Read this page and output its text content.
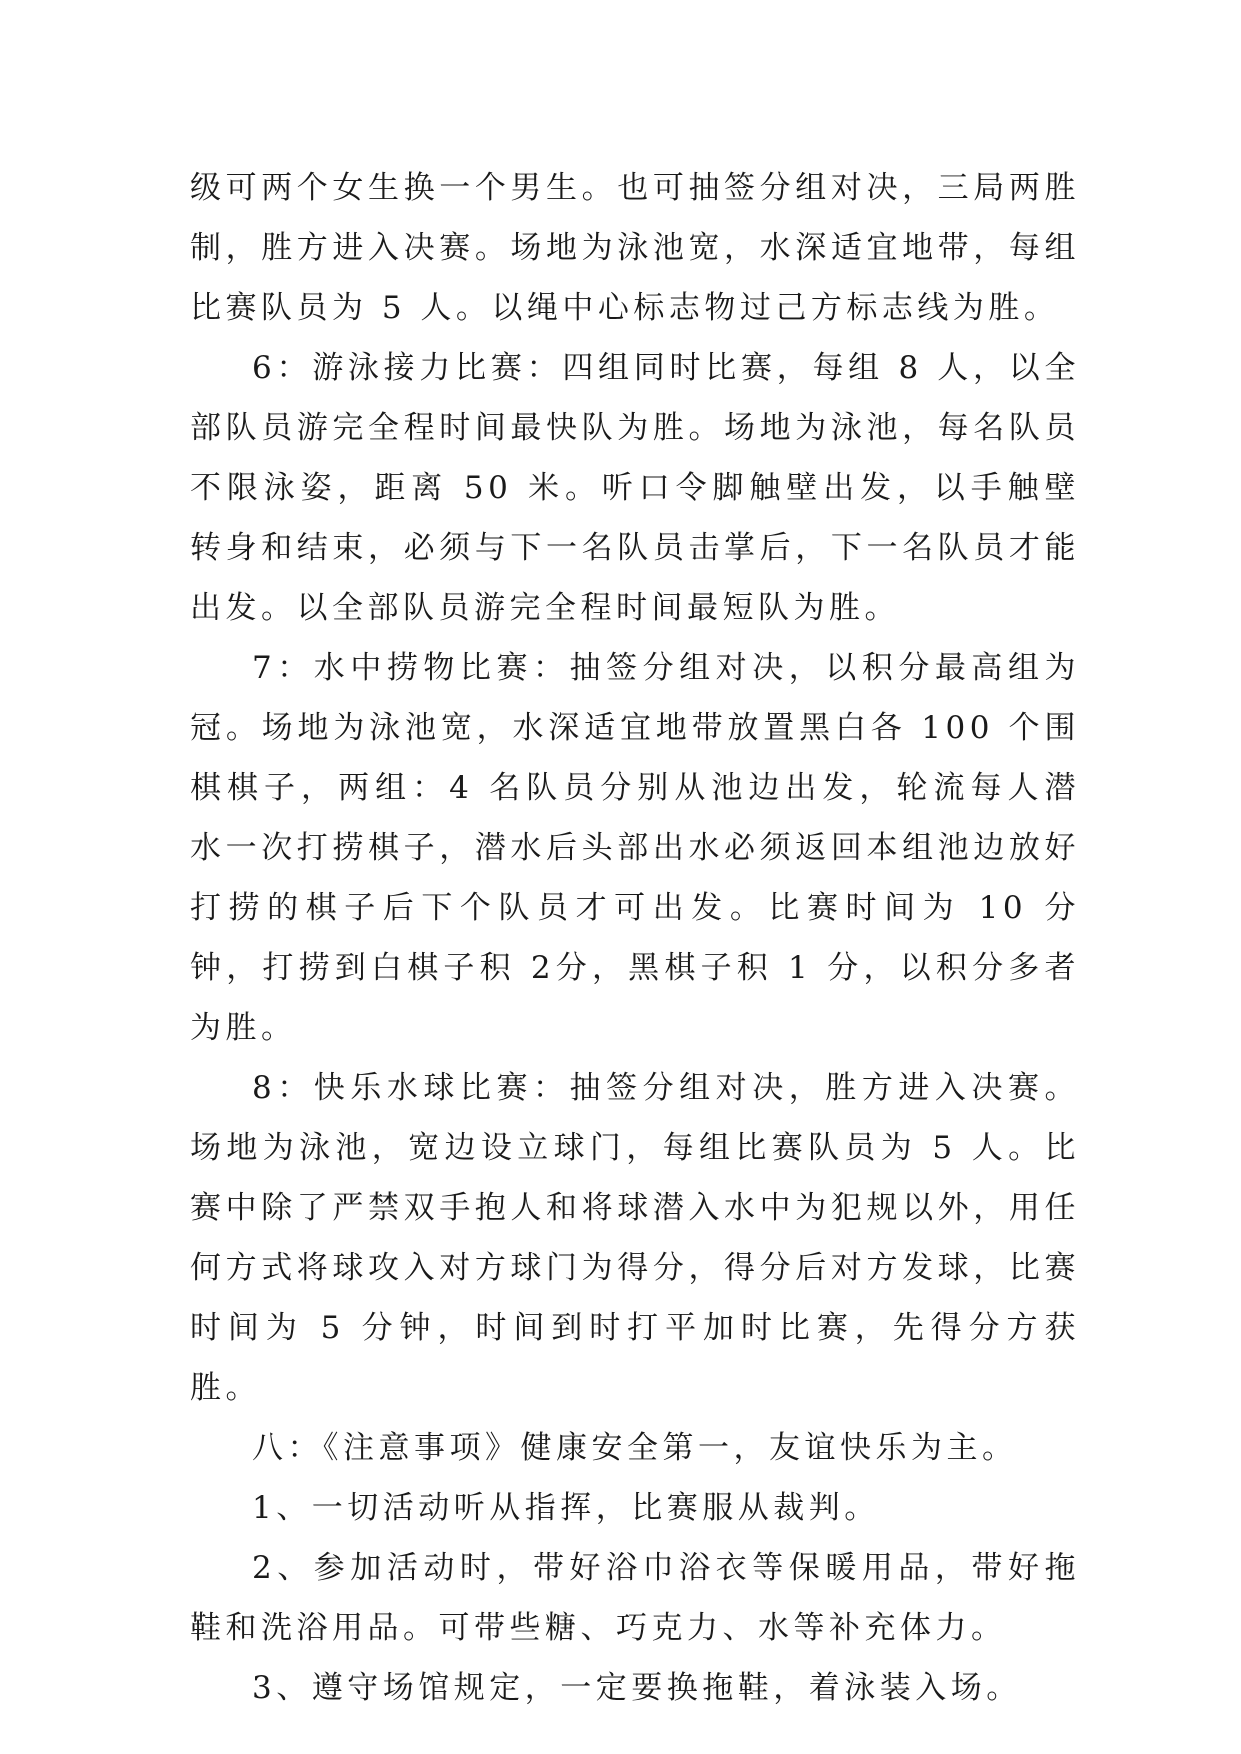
级可两个女生换一个男生。也可抽签分组对决，三局两胜制，胜方进入决赛。场地为泳池宽，水深适宜地带，每组比赛队员为 5 人。以绳中心标志物过己方标志线为胜。

6：游泳接力比赛：四组同时比赛，每组 8 人，以全部队员游完全程时间最快队为胜。场地为泳池，每名队员不限泳姿，距离 50 米。听口令脚触壁出发，以手触壁转身和结束，必须与下一名队员击掌后，下一名队员才能出发。以全部队员游完全程时间最短队为胜。

7：水中捞物比赛：抽签分组对决，以积分最高组为冠。场地为泳池宽，水深适宜地带放置黑白各 100 个围棋棋子，两组：4 名队员分别从池边出发，轮流每人潜水一次打捞棋子，潜水后头部出水必须返回本组池边放好打捞的棋子后下个队员才可出发。比赛时间为 10 分钟，打捞到白棋子积 2分，黑棋子积 1 分，以积分多者为胜。

8：快乐水球比赛：抽签分组对决，胜方进入决赛。场地为泳池，宽边设立球门，每组比赛队员为 5 人。比赛中除了严禁双手抱人和将球潜入水中为犯规以外，用任何方式将球攻入对方球门为得分，得分后对方发球，比赛时间为 5 分钟，时间到时打平加时比赛，先得分方获胜。

八：《注意事项》健康安全第一，友谊快乐为主。

1、一切活动听从指挥，比赛服从裁判。

2、参加活动时，带好浴巾浴衣等保暖用品，带好拖鞋和洗浴用品。可带些糖、巧克力、水等补充体力。

3、遵守场馆规定，一定要换拖鞋，着泳装入场。
